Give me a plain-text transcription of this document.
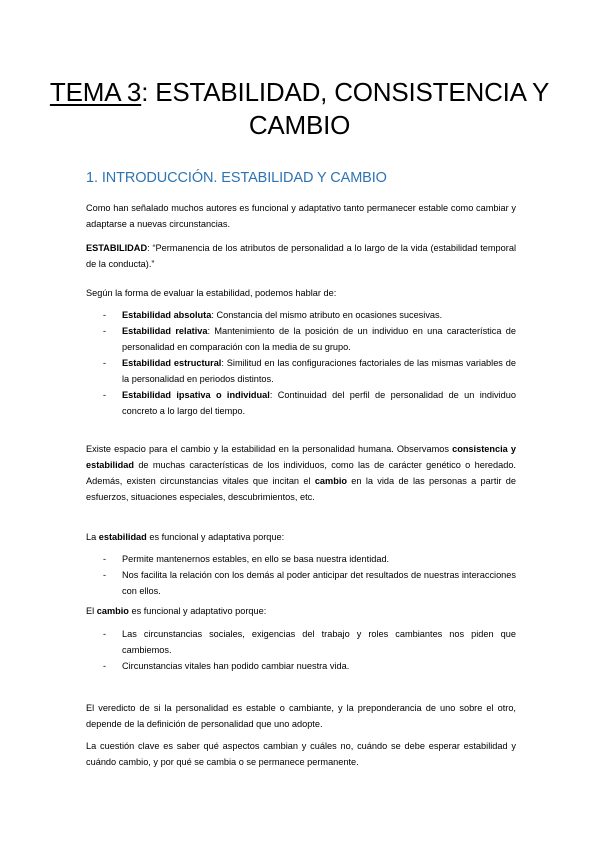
TEMA 3: ESTABILIDAD, CONSISTENCIA Y
CAMBIO
1. INTRODUCCIÓN. ESTABILIDAD Y CAMBIO

Como han señalado muchos autores es funcional y adaptativo tanto permanecer estable como cambiar y adaptarse a nuevas circunstancias.

ESTABILIDAD: “Permanencia de los atributos de personalidad a lo largo de la vida (estabilidad temporal de la conducta).”

Según la forma de evaluar la estabilidad, podemos hablar de:

- Estabilidad absoluta: Constancia del mismo atributo en ocasiones sucesivas.
- Estabilidad relativa: Mantenimiento de la posición de un individuo en una característica de personalidad en comparación con la media de su grupo.
- Estabilidad estructural: Similitud en las configuraciones factoriales de las mismas variables de la personalidad en periodos distintos.
- Estabilidad ipsativa o individual: Continuidad del perfil de personalidad de un individuo concreto a lo largo del tiempo.

Existe espacio para el cambio y la estabilidad en la personalidad humana. Observamos consistencia y estabilidad de muchas características de los individuos, como las de carácter genético o heredado. Además, existen circunstancias vitales que incitan el cambio en la vida de las personas a partir de esfuerzos, situaciones especiales, descubrimientos, etc.

La estabilidad es funcional y adaptativa porque:

- Permite mantenernos estables, en ello se basa nuestra identidad.
- Nos facilita la relación con los demás al poder anticipar det resultados de nuestras interacciones con ellos.

El cambio es funcional y adaptativo porque:

- Las circunstancias sociales, exigencias del trabajo y roles cambiantes nos piden que cambiemos.
- Circunstancias vitales han podido cambiar nuestra vida.

El veredicto de si la personalidad es estable o cambiante, y la preponderancia de uno sobre el otro, depende de la definición de personalidad que uno adopte.

La cuestión clave es saber qué aspectos cambian y cuáles no, cuándo se debe esperar estabilidad y cuándo cambio, y por qué se cambia o se permanece permanente.
